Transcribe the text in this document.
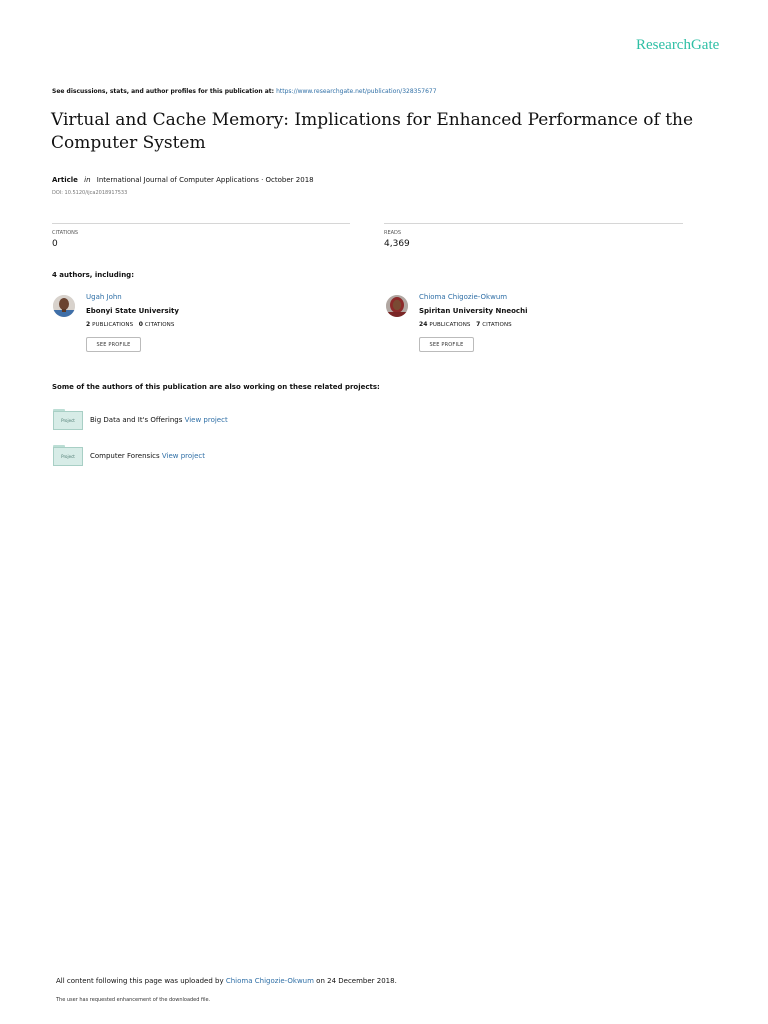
ResearchGate
See discussions, stats, and author profiles for this publication at: https://www.researchgate.net/publication/328357677
Virtual and Cache Memory: Implications for Enhanced Performance of the Computer System
Article in International Journal of Computer Applications · October 2018
DOI: 10.5120/ijca2018917533
CITATIONS
0
READS
4,369
4 authors, including:
Ugah John
Ebonyi State University
2 PUBLICATIONS 0 CITATIONS
SEE PROFILE
Chioma Chigozie-Okwum
Spiritan University Nneochi
24 PUBLICATIONS 7 CITATIONS
SEE PROFILE
Some of the authors of this publication are also working on these related projects:
Project	Big Data and It's Offerings View project
Project	Computer Forensics View project
All content following this page was uploaded by Chioma Chigozie-Okwum on 24 December 2018.
The user has requested enhancement of the downloaded file.
